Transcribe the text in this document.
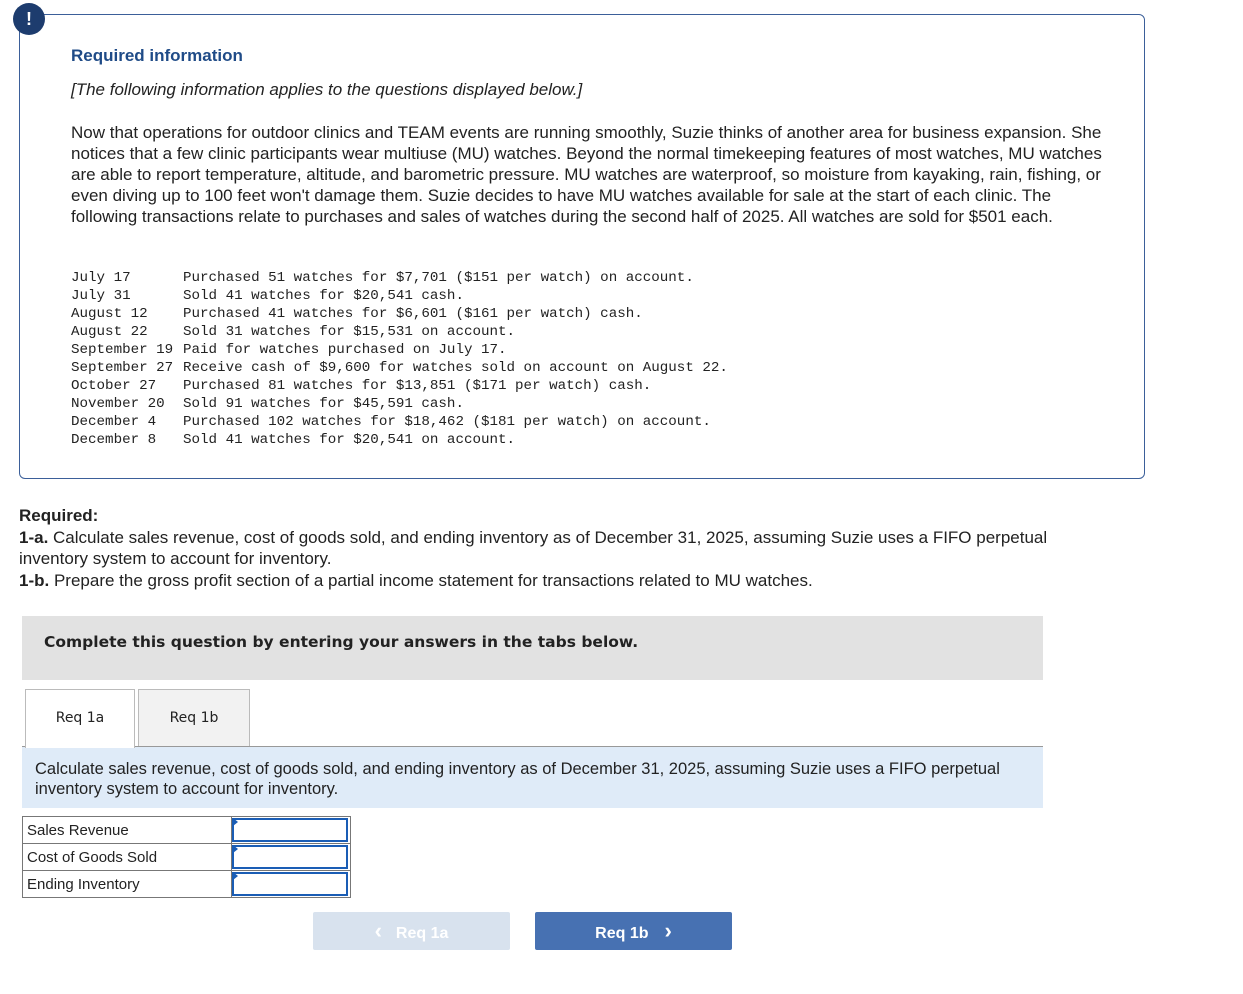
!
Required information
[The following information applies to the questions displayed below.]
Now that operations for outdoor clinics and TEAM events are running smoothly, Suzie thinks of another area for business expansion. She notices that a few clinic participants wear multiuse (MU) watches. Beyond the normal timekeeping features of most watches, MU watches are able to report temperature, altitude, and barometric pressure. MU watches are waterproof, so moisture from kayaking, rain, fishing, or even diving up to 100 feet won't damage them. Suzie decides to have MU watches available for sale at the start of each clinic. The following transactions relate to purchases and sales of watches during the second half of 2025. All watches are sold for $501 each.
July 17	Purchased 51 watches for $7,701 ($151 per watch) on account.
July 31	Sold 41 watches for $20,541 cash.
August 12	Purchased 41 watches for $6,601 ($161 per watch) cash.
August 22	Sold 31 watches for $15,531 on account.
September 19 Paid for watches purchased on July 17.
September 27 Receive cash of $9,600 for watches sold on account on August 22.
October 27	Purchased 81 watches for $13,851 ($171 per watch) cash.
November 20	Sold 91 watches for $45,591 cash.
December 4	Purchased 102 watches for $18,462 ($181 per watch) on account.
December 8	Sold 41 watches for $20,541 on account.
Required:
1-a. Calculate sales revenue, cost of goods sold, and ending inventory as of December 31, 2025, assuming Suzie uses a FIFO perpetual inventory system to account for inventory.
1-b. Prepare the gross profit section of a partial income statement for transactions related to MU watches.
Complete this question by entering your answers in the tabs below.
Req 1a	Req 1b
Calculate sales revenue, cost of goods sold, and ending inventory as of December 31, 2025, assuming Suzie uses a FIFO perpetual inventory system to account for inventory.
Sales Revenue	

Cost of Goods Sold	

Ending Inventory	
‹ Req 1a	Req 1b ›
